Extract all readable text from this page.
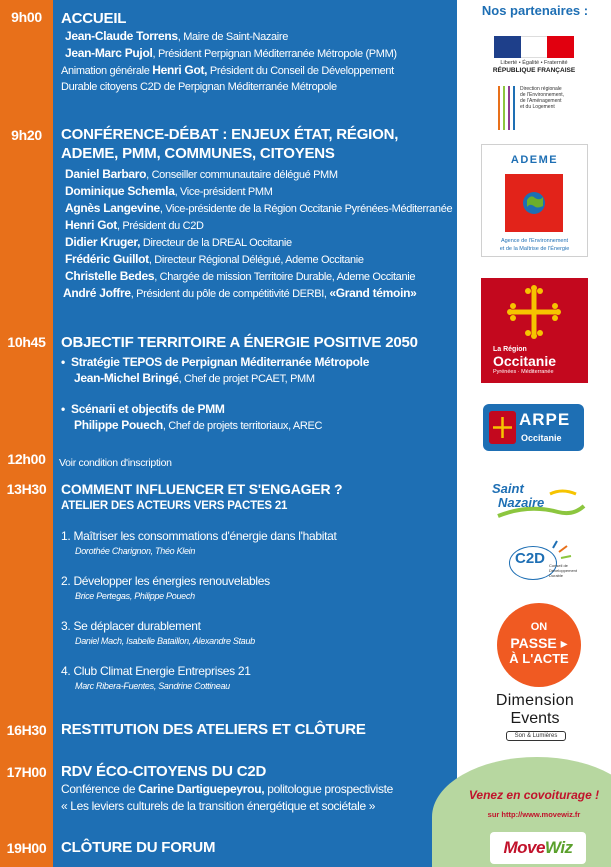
9h00	ACCUEIL
Jean-Claude Torrens, Maire de Saint-Nazaire
Jean-Marc Pujol, Président Perpignan Méditerranée Métropole (PMM)
Animation générale Henri Got, Président du Conseil de Développement
Durable citoyens C2D de Perpignan Méditerranée Métropole
9h20	CONFÉRENCE-DÉBAT : ENJEUX ÉTAT, RÉGION,
ADEME, PMM, COMMUNES, CITOYENS
Daniel Barbaro, Conseiller communautaire délégué PMM
Dominique Schemla, Vice-président PMM
Agnès Langevine, Vice-présidente de la Région Occitanie Pyrénées-Méditerranée
Henri Got, Président du C2D
Didier Kruger, Directeur de la DREAL Occitanie
Frédéric Guillot, Directeur Régional Délégué, Ademe Occitanie
Christelle Bedes, Chargée de mission Territoire Durable, Ademe Occitanie
André Joffre, Président du pôle de compétitivité DERBI, «Grand témoin»
10h45	OBJECTIF TERRITOIRE A ÉNERGIE POSITIVE 2050
•  Stratégie TEPOS de Perpignan Méditerranée Métropole
Jean-Michel Bringé, Chef de projet PCAET, PMM
•  Scénarii et objectifs de PMM
Philippe Pouech, Chef de projets territoriaux, AREC
12h00	Voir condition d'inscription
13H30	COMMENT INFLUENCER ET S'ENGAGER ?
ATELIER DES ACTEURS VERS PACTES 21
1. Maîtriser les consommations d'énergie dans l'habitat
Dorothée Charignon, Théo Klein
2. Développer les énergies renouvelables
Brice Pertegas, Philippe Pouech
3. Se déplacer durablement
Daniel Mach, Isabelle Bataillon, Alexandre Staub
4. Club Climat Energie Entreprises 21
Marc Ribera-Fuentes, Sandrine Cottineau
16H30 RESTITUTION DES ATELIERS ET CLÔTURE
17H00 RDV ÉCO-CITOYENS DU C2D
Conférence de Carine Dartiguepeyrou, politologue prospectiviste
« Les leviers culturels de la transition énergétique et sociétale »
19H00 CLÔTURE DU FORUM
Nos partenaires :
Liberté • Égalité • Fraternité
RÉPUBLIQUE FRANÇAISE
Direction régionale
de l'Environnement,
de l'Aménagement
et du Logement
ADEME
Agence de l'Environnement
et de la Maîtrise de l'Énergie
La Région
Occitanie
Pyrénées · Méditerranée
ARPE
Occitanie
Saint
Nazaire
C2D Conseil de
Développement
Durable
ON
PASSE ▸
À L'ACTE
Dimension
Events
Son & Lumières
Venez en covoiturage !
sur http://www.movewiz.fr
MoveWiz
